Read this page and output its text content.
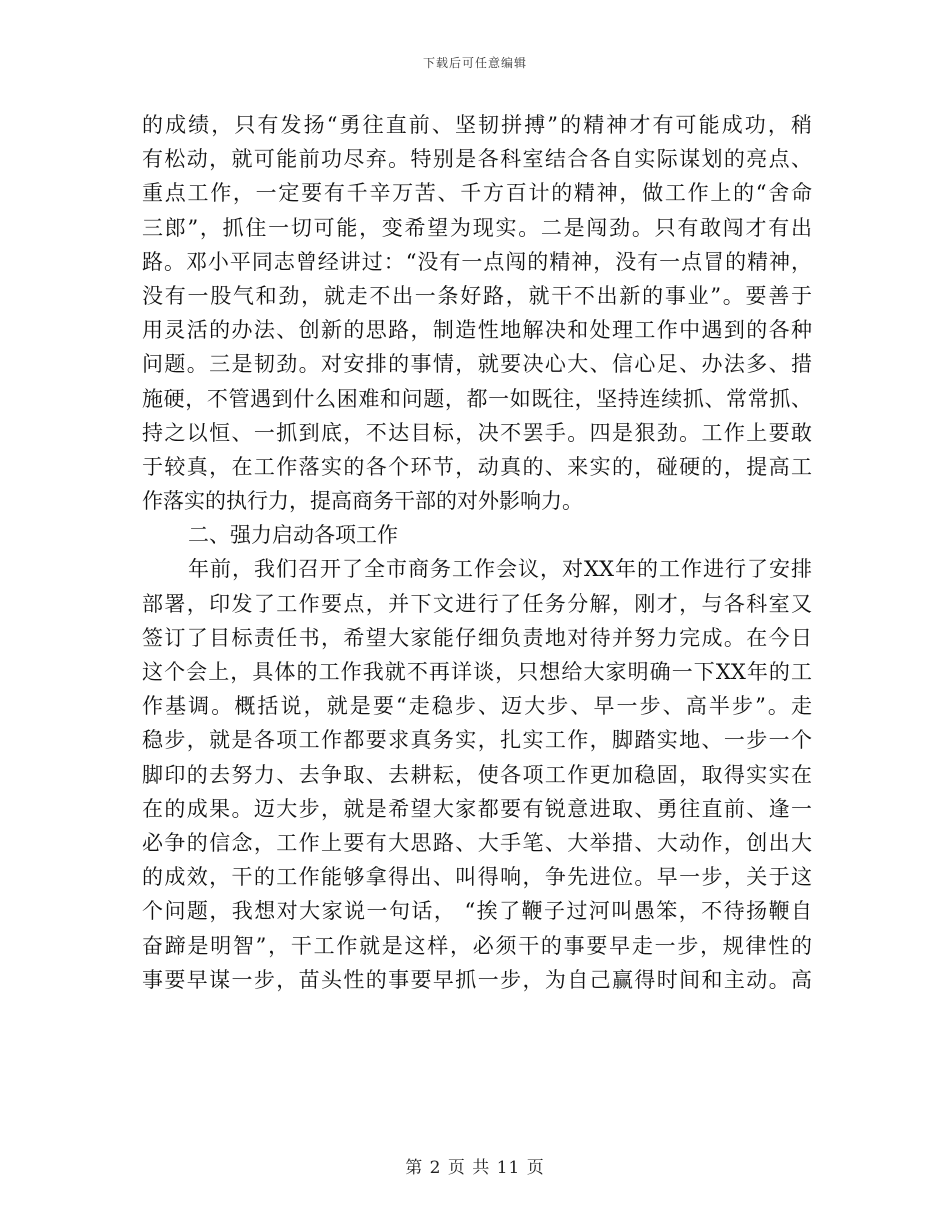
下载后可任意编辑
的成绩，只有发扬“勇往直前、坚韧拼搏”的精神才有可能成功，稍
有松动，就可能前功尽弃。特别是各科室结合各自实际谋划的亮点、
重点工作，一定要有千辛万苦、千方百计的精神，做工作上的“舍命
三郎”，抓住一切可能，变希望为现实。二是闯劲。只有敢闯才有出
路。邓小平同志曾经讲过：“没有一点闯的精神，没有一点冒的精神，
没有一股气和劲，就走不出一条好路，就干不出新的事业”。要善于
用灵活的办法、创新的思路，制造性地解决和处理工作中遇到的各种
问题。三是韧劲。对安排的事情，就要决心大、信心足、办法多、措
施硬，不管遇到什么困难和问题，都一如既往，坚持连续抓、常常抓、
持之以恒、一抓到底，不达目标，决不罢手。四是狠劲。工作上要敢
于较真，在工作落实的各个环节，动真的、来实的，碰硬的，提高工
作落实的执行力，提高商务干部的对外影响力。
二、强力启动各项工作
年前，我们召开了全市商务工作会议，对XX年的工作进行了安排
部署，印发了工作要点，并下文进行了任务分解，刚才，与各科室又
签订了目标责任书，希望大家能仔细负责地对待并努力完成。在今日
这个会上，具体的工作我就不再详谈，只想给大家明确一下XX年的工
作基调。概括说，就是要“走稳步、迈大步、早一步、高半步”。走
稳步，就是各项工作都要求真务实，扎实工作，脚踏实地、一步一个
脚印的去努力、去争取、去耕耘，使各项工作更加稳固，取得实实在
在的成果。迈大步，就是希望大家都要有锐意进取、勇往直前、逢一
必争的信念，工作上要有大思路、大手笔、大举措、大动作，创出大
的成效，干的工作能够拿得出、叫得响，争先进位。早一步，关于这
个问题，我想对大家说一句话， “挨了鞭子过河叫愚笨，不待扬鞭自
奋蹄是明智”，干工作就是这样，必须干的事要早走一步，规律性的
事要早谋一步，苗头性的事要早抓一步，为自己赢得时间和主动。高
第 2 页 共 11 页
